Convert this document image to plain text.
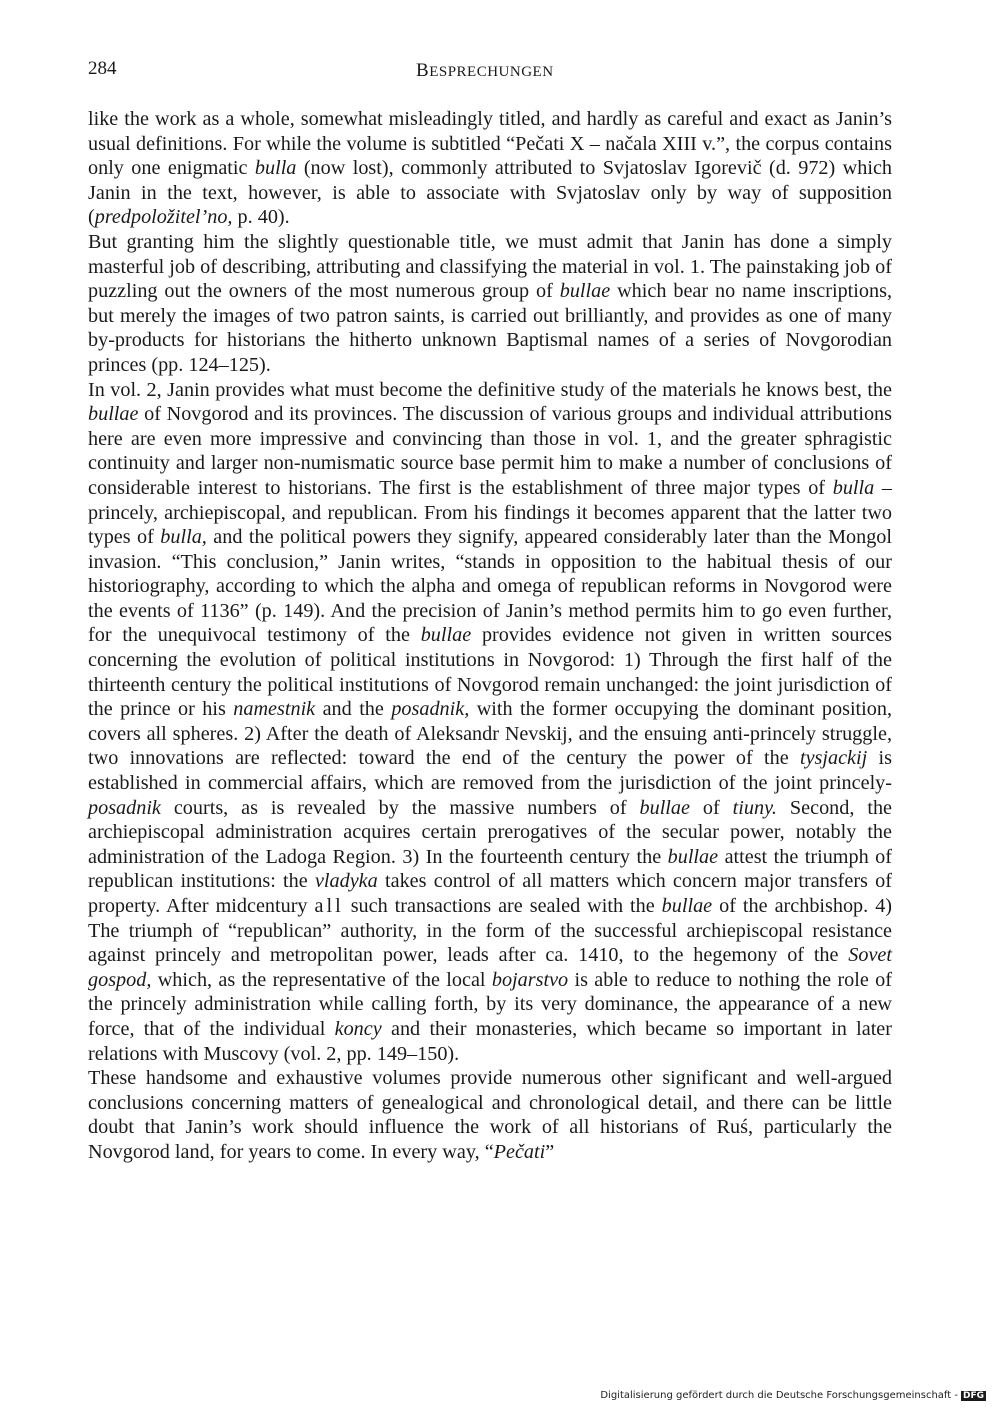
284	BESPRECHUNGEN

like the work as a whole, somewhat misleadingly titled, and hardly as careful and exact as Janin’s usual definitions. For while the volume is subtitled “Pečati X – načala XIII v.”, the corpus contains only one enigmatic bulla (now lost), commonly attributed to Svjatoslav Igorevič (d. 972) which Janin in the text, however, is able to associate with Svjatoslav only by way of supposition (predpoložitel’no, p. 40).

But granting him the slightly questionable title, we must admit that Janin has done a simply masterful job of describing, attributing and classifying the material in vol. 1. The painstaking job of puzzling out the owners of the most numerous group of bullae which bear no name inscriptions, but merely the images of two patron saints, is carried out brilliantly, and provides as one of many by-products for historians the hitherto unknown Baptismal names of a series of Novgorodian princes (pp. 124–125).

In vol. 2, Janin provides what must become the definitive study of the materials he knows best, the bullae of Novgorod and its provinces. The discussion of various groups and individual attributions here are even more impressive and convincing than those in vol. 1, and the greater sphragistic continuity and larger non-numismatic source base permit him to make a number of conclusions of considerable interest to historians. The first is the establishment of three major types of bulla – princely, archiepiscopal, and republican. From his findings it becomes apparent that the latter two types of bulla, and the political powers they signify, appeared considerably later than the Mongol invasion. “This conclusion,” Janin writes, “stands in opposition to the habitual thesis of our historiography, according to which the alpha and omega of republican reforms in Novgorod were the events of 1136” (p. 149). And the precision of Janin’s method permits him to go even further, for the unequivocal testimony of the bullae provides evidence not given in written sources concerning the evolution of political institutions in Novgorod: 1) Through the first half of the thirteenth century the political institutions of Novgorod remain unchanged: the joint jurisdiction of the prince or his namestnik and the posadnik, with the former occupying the dominant position, covers all spheres. 2) After the death of Aleksandr Nevskij, and the ensuing anti-princely struggle, two innovations are reflected: toward the end of the century the power of the tysjackij is established in commercial affairs, which are removed from the jurisdiction of the joint princely-posadnik courts, as is revealed by the massive numbers of bullae of tiuny. Second, the archiepiscopal administration acquires certain prerogatives of the secular power, notably the administration of the Ladoga Region. 3) In the fourteenth century the bullae attest the triumph of republican institutions: the vladyka takes control of all matters which concern major transfers of property. After midcentury all such transactions are sealed with the bullae of the archbishop. 4) The triumph of “republican” authority, in the form of the successful archiepiscopal resistance against princely and metropolitan power, leads after ca. 1410, to the hegemony of the Sovet gospod, which, as the representative of the local bojarstvo is able to reduce to nothing the role of the princely administration while calling forth, by its very dominance, the appearance of a new force, that of the individual koncy and their monasteries, which became so important in later relations with Muscovy (vol. 2, pp. 149–150).

These handsome and exhaustive volumes provide numerous other significant and well-argued conclusions concerning matters of genealogical and chronological detail, and there can be little doubt that Janin’s work should influence the work of all historians of Ruś, particularly the Novgorod land, for years to come. In every way, “Pečati”

Digitalisierung gefördert durch die Deutsche Forschungsgemeinschaft - DFG
